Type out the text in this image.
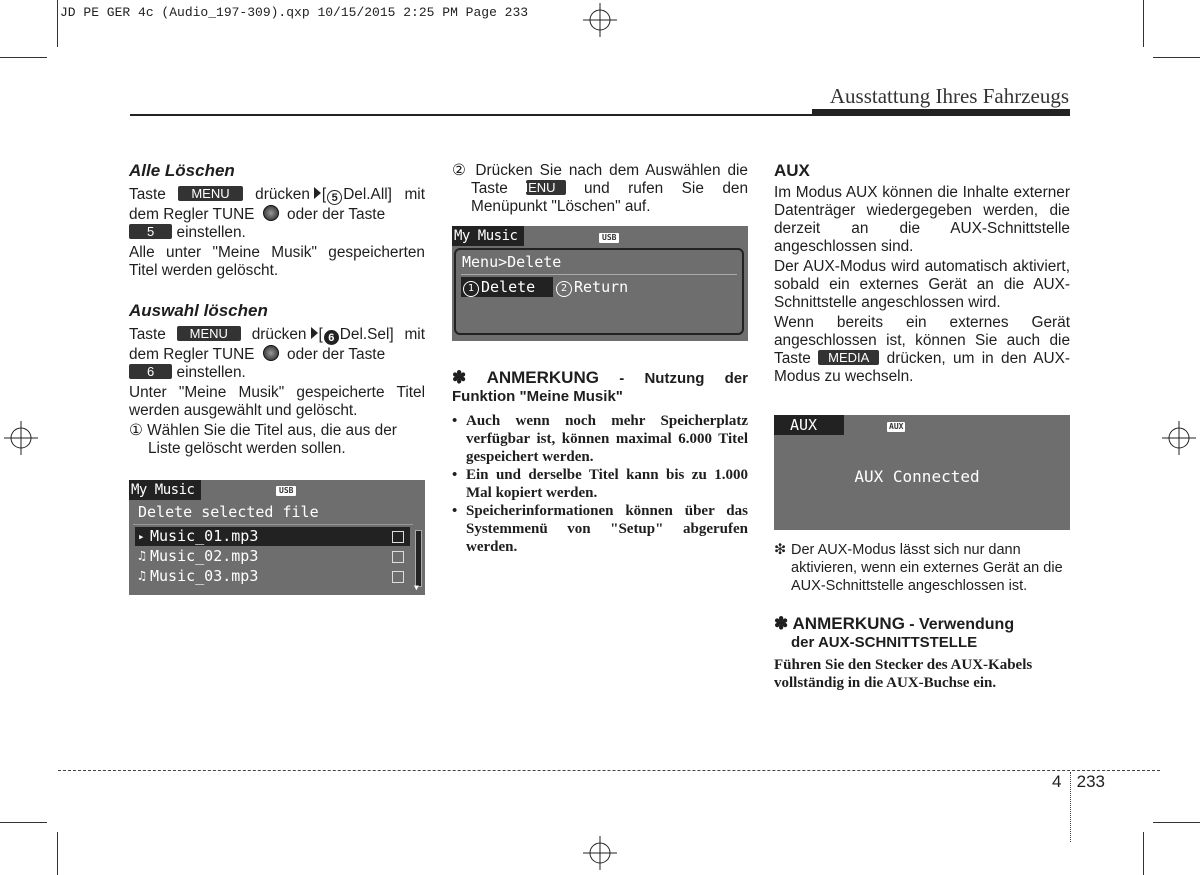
JD PE GER 4c (Audio_197-309).qxp 10/15/2015 2:25 PM Page 233
Ausstattung Ihres Fahrzeugs
Alle Löschen

Taste MENU drücken [ 5 Del.All] mit dem Regler TUNE oder der Taste
5 einstellen.

Alle unter "Meine Musik" gespeicherten Titel werden gelöscht.

Auswahl löschen

Taste MENU drücken [ 6 Del.Sel] mit dem Regler TUNE oder der Taste
6 einstellen.

Unter "Meine Musik" gespeicherte Titel werden ausgewählt und gelöscht.

① Wählen Sie die Titel aus, die aus der Liste gelöscht werden sollen.

My Music	USB
Delete selected file
▸ Music_01.mp3
♫ Music_02.mp3
♫ Music_03.mp3
▼

② Drücken Sie nach dem Auswählen die Taste MENU und rufen Sie den Menüpunkt "Löschen" auf.

My Music	USB
Menu>Delete
1 Delete	2 Return
✽ ANMERKUNG - Nutzung der Funktion "Meine Musik"
• Auch wenn noch mehr Speicherplatz verfügbar ist, können maximal 6.000 Titel gespeichert werden.
• Ein und derselbe Titel kann bis zu 1.000 Mal kopiert werden.
• Speicherinformationen können über das Systemmenü von "Setup" abgerufen werden.
AUX

Im Modus AUX können die Inhalte externer Datenträger wiedergegeben werden, die derzeit an die AUX-Schnittstelle angeschlossen sind.

Der AUX-Modus wird automatisch aktiviert, sobald ein externes Gerät an die AUX-Schnittstelle angeschlossen wird.

Wenn bereits ein externes Gerät angeschlossen ist, können Sie auch die Taste MEDIA drücken, um in den AUX-Modus zu wechseln.

AUX	AUX
AUX Connected
❇ Der AUX-Modus lässt sich nur dann aktivieren, wenn ein externes Gerät an die AUX-Schnittstelle angeschlossen ist.
✽ ANMERKUNG - Verwendung
der AUX-SCHNITTSTELLE
Führen Sie den Stecker des AUX-Kabels vollständig in die AUX-Buchse ein.
4 233
